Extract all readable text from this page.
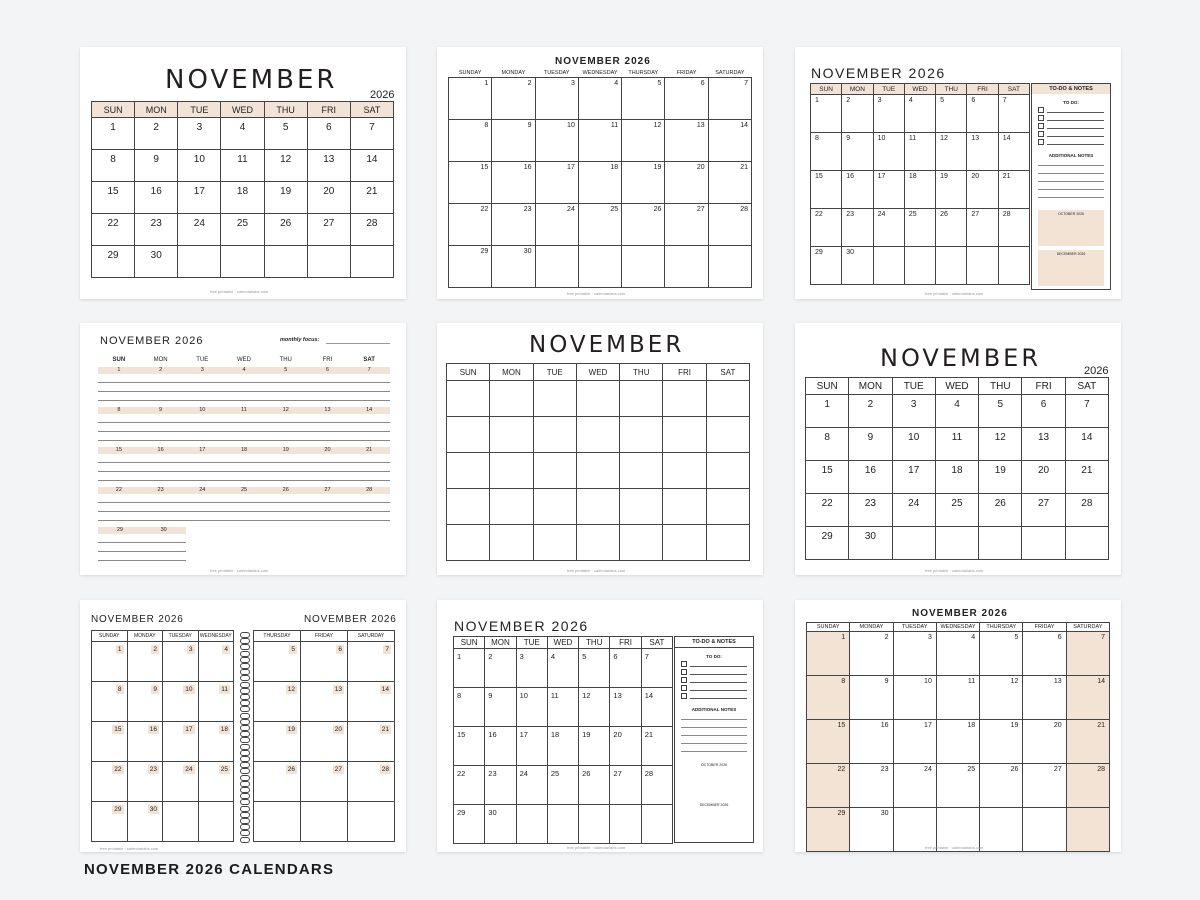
NOVEMBER	2026
SUN	MON	TUE	WED	THU	FRI	SAT

1	2	3	4	5	6	7

8	9	10	11	12	13	14

15	16	17	18	19	20	21

22	23	24	25	26	27	28

29	30					

free printable · calendarlabs.com
NOVEMBER 2026
SUNDAY	MONDAY	TUESDAY	WEDNESDAY	THURSDAY	FRIDAY	SATURDAY

1	2	3	4	5	6	7

8	9	10	11	12	13	14

15	16	17	18	19	20	21

22	23	24	25	26	27	28

29	30					

free printable · calendarlabs.com
NOVEMBER 2026
SUN	MON	TUE	WED	THU	FRI	SAT

1	2	3	4	5	6	7

8	9	10	11	12	13	14

15	16	17	18	19	20	21

22	23	24	25	26	27	28

29	30					

TO-DO & NOTES
TO DO:
ADDITIONAL NOTES
OCTOBER 2026
DECEMBER 2026
free printable · calendarlabs.com
NOVEMBER 2026	monthly focus:
SUN	MON	TUE	WED	THU	FRI	SAT
1	2	3	4	5	6	7
8	9	10	11	12	13	14
15	16	17	18	19	20	21
22	23	24	25	26	27	28
29	30
free printable · calendarlabs.com
NOVEMBER
SUN	MON	TUE	WED	THU	FRI	SAT

free printable · calendarlabs.com
NOVEMBER	2026
SUN	MON	TUE	WED	THU	FRI	SAT

1	2	3	4	5	6	7

8	9	10	11	12	13	14

15	16	17	18	19	20	21

22	23	24	25	26	27	28

29	30					

free printable · calendarlabs.com
NOVEMBER 2026	NOVEMBER 2026
SUNDAY	MONDAY	TUESDAY	WEDNESDAY

1	2	3	4

8	9	10	11

15	16	17	18

22	23	24	25

29	30		

THURSDAY	FRIDAY	SATURDAY

5	6	7

12	13	14

19	20	21

26	27	28

free printable · calendarlabs.com
NOVEMBER 2026
SUN	MON	TUE	WED	THU	FRI	SAT

1	2	3	4	5	6	7

8	9	10	11	12	13	14

15	16	17	18	19	20	21

22	23	24	25	26	27	28

29	30					

TO-DO & NOTES
TO DO:
ADDITIONAL NOTES
OCTOBER 2026
DECEMBER 2026
free printable · calendarlabs.com
NOVEMBER 2026
SUNDAY	MONDAY	TUESDAY	WEDNESDAY	THURSDAY	FRIDAY	SATURDAY

1	2	3	4	5	6	7

8	9	10	11	12	13	14

15	16	17	18	19	20	21

22	23	24	25	26	27	28

29	30					

free printable · calendarlabs.com
NOVEMBER 2026 CALENDARS
